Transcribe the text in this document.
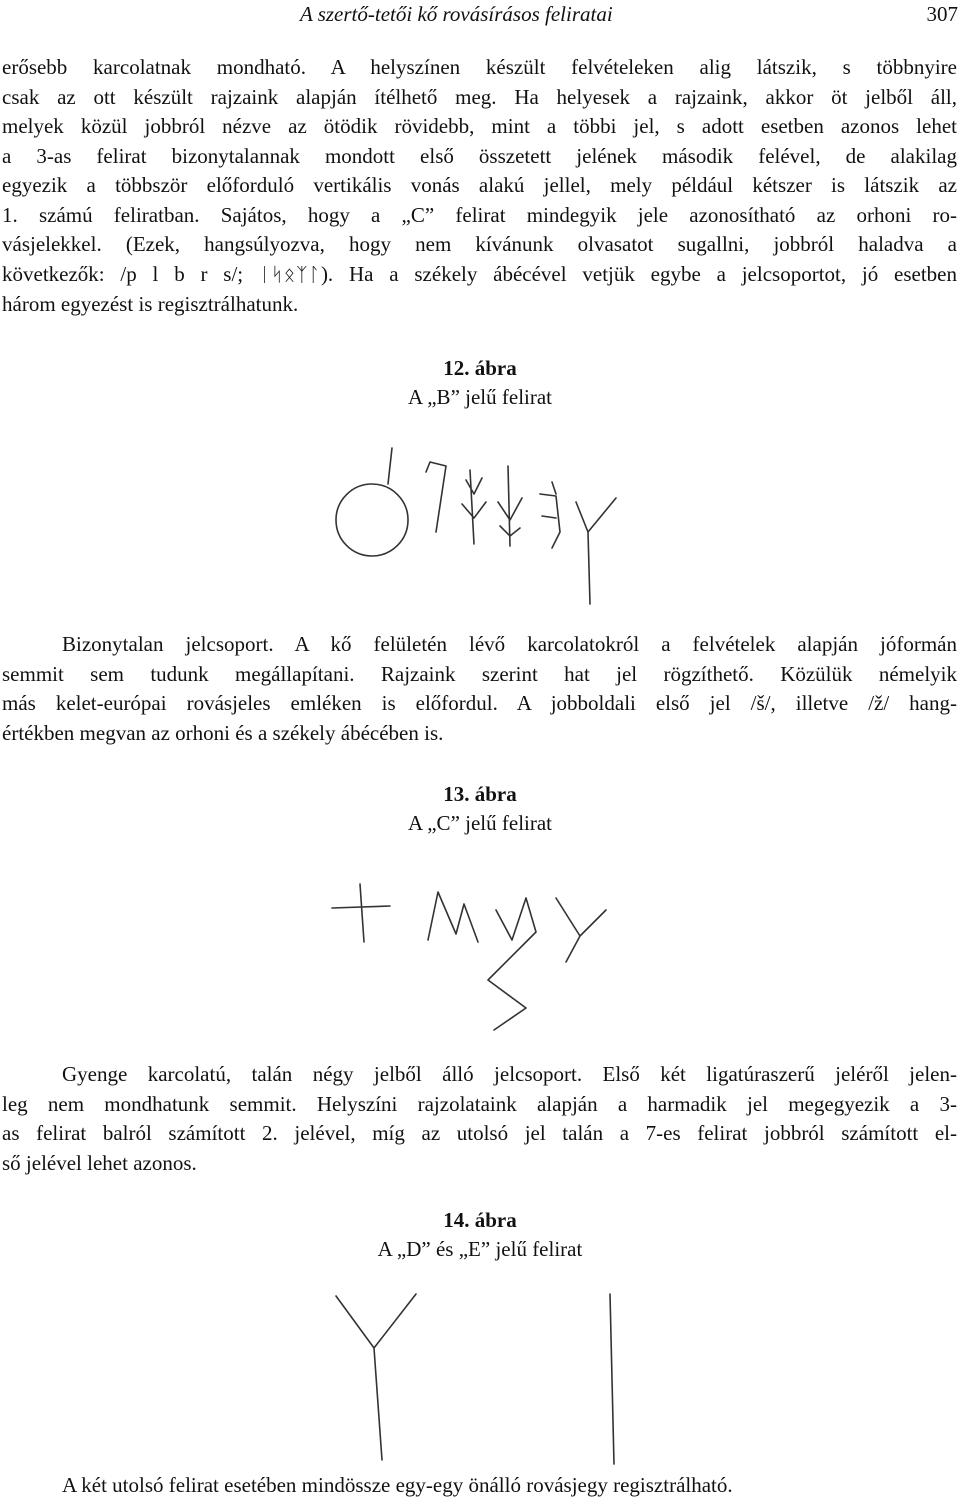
A szertő-tetői kő rovásírásos feliratai	307
erősebb karcolatnak mondható. A helyszínen készült felvételeken alig látszik, s többnyire
csak az ott készült rajzaink alapján ítélhető meg. Ha helyesek a rajzaink, akkor öt jelből áll,
melyek közül jobbról nézve az ötödik rövidebb, mint a többi jel, s adott esetben azonos lehet
a 3-as felirat bizonytalannak mondott első összetett jelének második felével, de alakilag
egyezik a többször előforduló vertikális vonás alakú jellel, mely például kétszer is látszik az
1. számú feliratban. Sajátos, hogy a „C” felirat mindegyik jele azonosítható az orhoni ro-
vásjelekkel. (Ezek, hangsúlyozva, hogy nem kívánunk olvasatot sugallni, jobbról haladva a
következők: /p l b r s/; ᛁᛋᛟᛉᛚ). Ha a székely ábécével vetjük egybe a jelcsoportot, jó esetben
három egyezést is regisztrálhatunk.
12. ábra
A „B” jelű felirat
Bizonytalan jelcsoport. A kő felületén lévő karcolatokról a felvételek alapján jóformán
semmit sem tudunk megállapítani. Rajzaink szerint hat jel rögzíthető. Közülük némelyik
más kelet-európai rovásjeles emléken is előfordul. A jobboldali első jel /š/, illetve /ž/ hang-
értékben megvan az orhoni és a székely ábécében is.
13. ábra
A „C” jelű felirat
Gyenge karcolatú, talán négy jelből álló jelcsoport. Első két ligatúraszerű jeléről jelen-
leg nem mondhatunk semmit. Helyszíni rajzolataink alapján a harmadik jel megegyezik a 3-
as felirat balról számított 2. jelével, míg az utolsó jel talán a 7-es felirat jobbról számított el-
ső jelével lehet azonos.
14. ábra
A „D” és „E” jelű felirat
A két utolsó felirat esetében mindössze egy-egy önálló rovásjegy regisztrálható.
